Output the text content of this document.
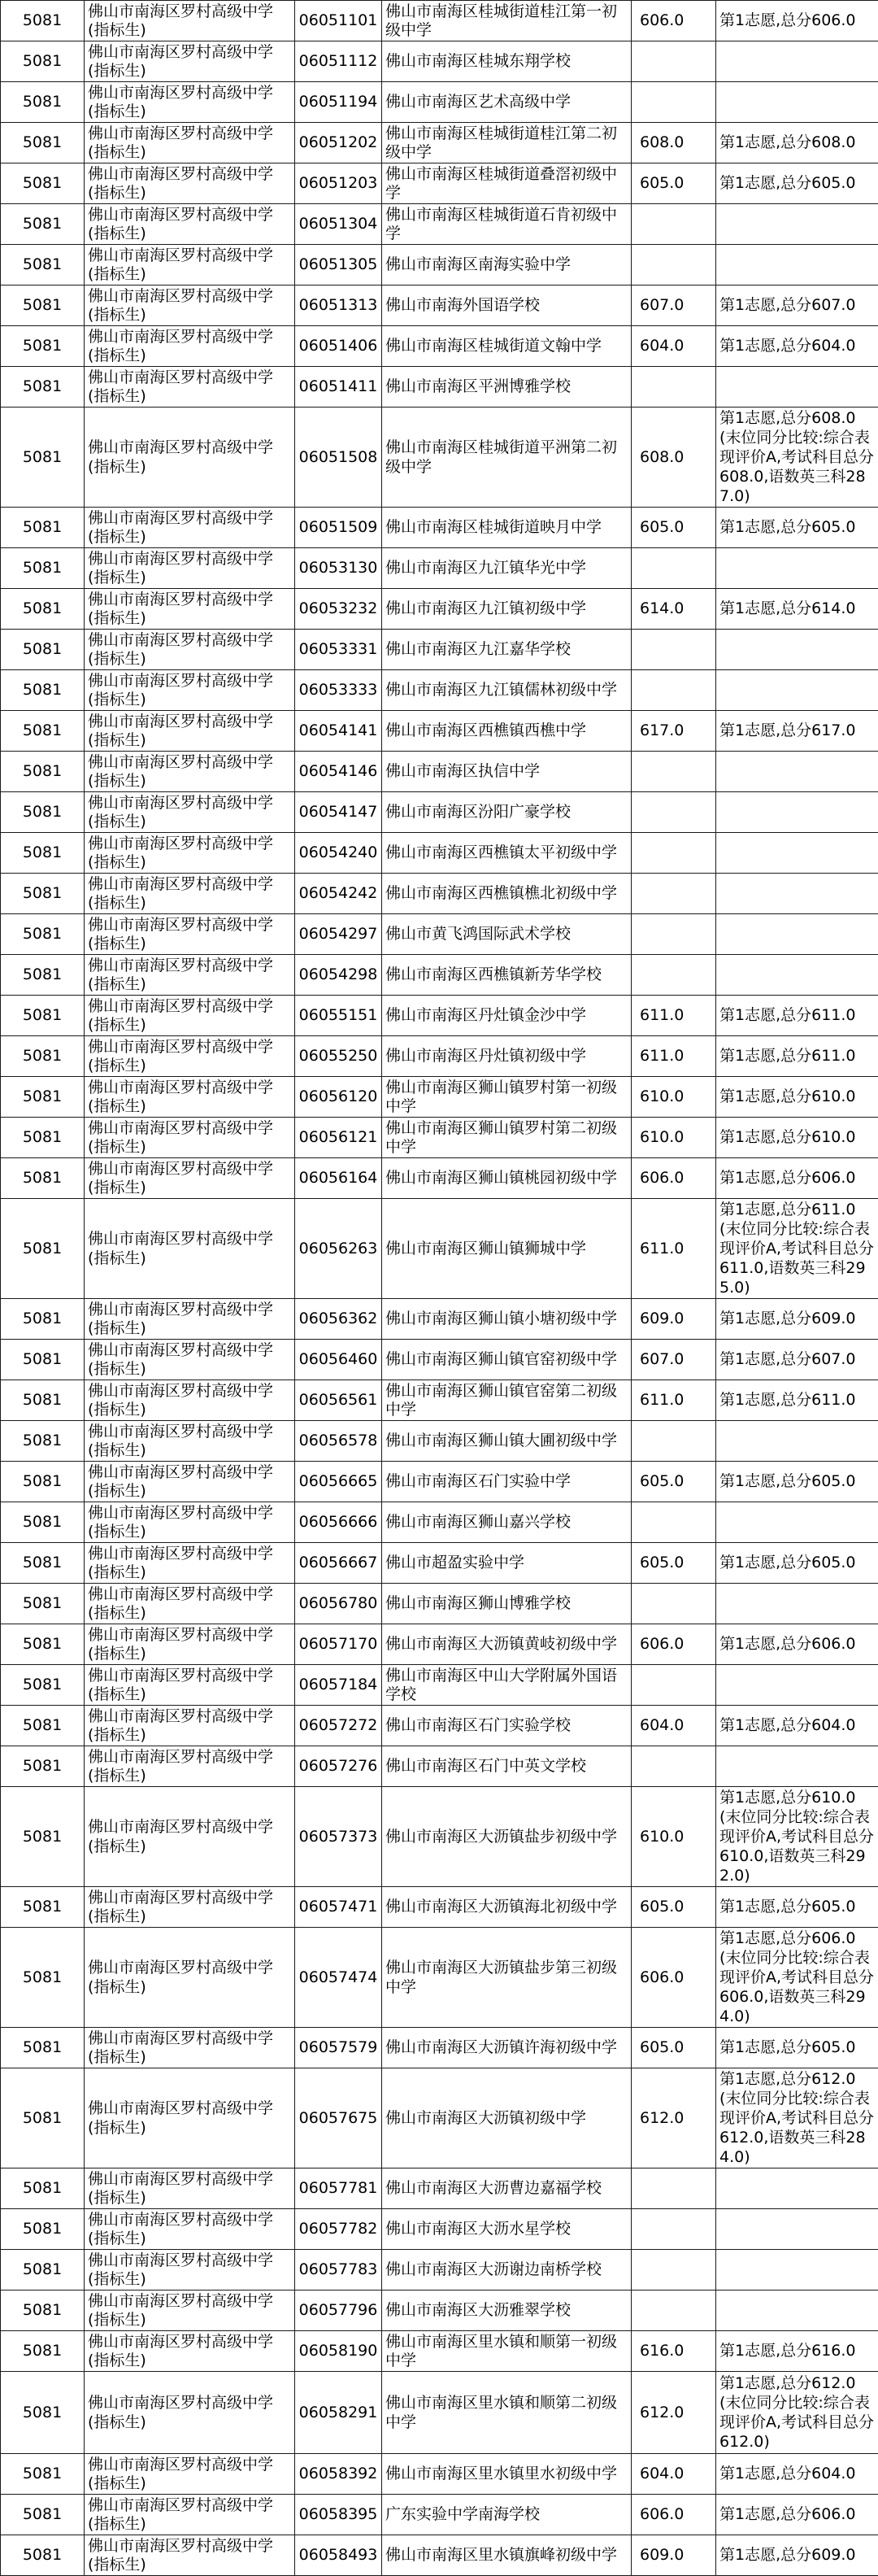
5081	佛山市南海区罗村高级中学(指标生)	06051101	佛山市南海区桂城街道桂江第一初级中学	606.0	第1志愿,总分606.0
5081	佛山市南海区罗村高级中学(指标生)	06051112	佛山市南海区桂城东翔学校		
5081	佛山市南海区罗村高级中学(指标生)	06051194	佛山市南海区艺术高级中学		
5081	佛山市南海区罗村高级中学(指标生)	06051202	佛山市南海区桂城街道桂江第二初级中学	608.0	第1志愿,总分608.0
5081	佛山市南海区罗村高级中学(指标生)	06051203	佛山市南海区桂城街道叠滘初级中学	605.0	第1志愿,总分605.0
5081	佛山市南海区罗村高级中学(指标生)	06051304	佛山市南海区桂城街道石肯初级中学		
5081	佛山市南海区罗村高级中学(指标生)	06051305	佛山市南海区南海实验中学		
5081	佛山市南海区罗村高级中学(指标生)	06051313	佛山市南海外国语学校	607.0	第1志愿,总分607.0
5081	佛山市南海区罗村高级中学(指标生)	06051406	佛山市南海区桂城街道文翰中学	604.0	第1志愿,总分604.0
5081	佛山市南海区罗村高级中学(指标生)	06051411	佛山市南海区平洲博雅学校		
5081	佛山市南海区罗村高级中学(指标生)	06051508	佛山市南海区桂城街道平洲第二初级中学	608.0	第1志愿,总分608.0 (末位同分比较:综合表现评价A,考试科目总分608.0,语数英三科287.0)
5081	佛山市南海区罗村高级中学(指标生)	06051509	佛山市南海区桂城街道映月中学	605.0	第1志愿,总分605.0
5081	佛山市南海区罗村高级中学(指标生)	06053130	佛山市南海区九江镇华光中学		
5081	佛山市南海区罗村高级中学(指标生)	06053232	佛山市南海区九江镇初级中学	614.0	第1志愿,总分614.0
5081	佛山市南海区罗村高级中学(指标生)	06053331	佛山市南海区九江嘉华学校		
5081	佛山市南海区罗村高级中学(指标生)	06053333	佛山市南海区九江镇儒林初级中学		
5081	佛山市南海区罗村高级中学(指标生)	06054141	佛山市南海区西樵镇西樵中学	617.0	第1志愿,总分617.0
5081	佛山市南海区罗村高级中学(指标生)	06054146	佛山市南海区执信中学		
5081	佛山市南海区罗村高级中学(指标生)	06054147	佛山市南海区汾阳广豪学校		
5081	佛山市南海区罗村高级中学(指标生)	06054240	佛山市南海区西樵镇太平初级中学		
5081	佛山市南海区罗村高级中学(指标生)	06054242	佛山市南海区西樵镇樵北初级中学		
5081	佛山市南海区罗村高级中学(指标生)	06054297	佛山市黄飞鸿国际武术学校		
5081	佛山市南海区罗村高级中学(指标生)	06054298	佛山市南海区西樵镇新芳华学校		
5081	佛山市南海区罗村高级中学(指标生)	06055151	佛山市南海区丹灶镇金沙中学	611.0	第1志愿,总分611.0
5081	佛山市南海区罗村高级中学(指标生)	06055250	佛山市南海区丹灶镇初级中学	611.0	第1志愿,总分611.0
5081	佛山市南海区罗村高级中学(指标生)	06056120	佛山市南海区狮山镇罗村第一初级中学	610.0	第1志愿,总分610.0
5081	佛山市南海区罗村高级中学(指标生)	06056121	佛山市南海区狮山镇罗村第二初级中学	610.0	第1志愿,总分610.0
5081	佛山市南海区罗村高级中学(指标生)	06056164	佛山市南海区狮山镇桃园初级中学	606.0	第1志愿,总分606.0
5081	佛山市南海区罗村高级中学(指标生)	06056263	佛山市南海区狮山镇狮城中学	611.0	第1志愿,总分611.0 (末位同分比较:综合表现评价A,考试科目总分611.0,语数英三科295.0)
5081	佛山市南海区罗村高级中学(指标生)	06056362	佛山市南海区狮山镇小塘初级中学	609.0	第1志愿,总分609.0
5081	佛山市南海区罗村高级中学(指标生)	06056460	佛山市南海区狮山镇官窑初级中学	607.0	第1志愿,总分607.0
5081	佛山市南海区罗村高级中学(指标生)	06056561	佛山市南海区狮山镇官窑第二初级中学	611.0	第1志愿,总分611.0
5081	佛山市南海区罗村高级中学(指标生)	06056578	佛山市南海区狮山镇大圃初级中学		
5081	佛山市南海区罗村高级中学(指标生)	06056665	佛山市南海区石门实验中学	605.0	第1志愿,总分605.0
5081	佛山市南海区罗村高级中学(指标生)	06056666	佛山市南海区狮山嘉兴学校		
5081	佛山市南海区罗村高级中学(指标生)	06056667	佛山市超盈实验中学	605.0	第1志愿,总分605.0
5081	佛山市南海区罗村高级中学(指标生)	06056780	佛山市南海区狮山博雅学校		
5081	佛山市南海区罗村高级中学(指标生)	06057170	佛山市南海区大沥镇黄岐初级中学	606.0	第1志愿,总分606.0
5081	佛山市南海区罗村高级中学(指标生)	06057184	佛山市南海区中山大学附属外国语学校		
5081	佛山市南海区罗村高级中学(指标生)	06057272	佛山市南海区石门实验学校	604.0	第1志愿,总分604.0
5081	佛山市南海区罗村高级中学(指标生)	06057276	佛山市南海区石门中英文学校		
5081	佛山市南海区罗村高级中学(指标生)	06057373	佛山市南海区大沥镇盐步初级中学	610.0	第1志愿,总分610.0 (末位同分比较:综合表现评价A,考试科目总分610.0,语数英三科292.0)
5081	佛山市南海区罗村高级中学(指标生)	06057471	佛山市南海区大沥镇海北初级中学	605.0	第1志愿,总分605.0
5081	佛山市南海区罗村高级中学(指标生)	06057474	佛山市南海区大沥镇盐步第三初级中学	606.0	第1志愿,总分606.0 (末位同分比较:综合表现评价A,考试科目总分606.0,语数英三科294.0)
5081	佛山市南海区罗村高级中学(指标生)	06057579	佛山市南海区大沥镇许海初级中学	605.0	第1志愿,总分605.0
5081	佛山市南海区罗村高级中学(指标生)	06057675	佛山市南海区大沥镇初级中学	612.0	第1志愿,总分612.0 (末位同分比较:综合表现评价A,考试科目总分612.0,语数英三科284.0)
5081	佛山市南海区罗村高级中学(指标生)	06057781	佛山市南海区大沥曹边嘉福学校		
5081	佛山市南海区罗村高级中学(指标生)	06057782	佛山市南海区大沥水星学校		
5081	佛山市南海区罗村高级中学(指标生)	06057783	佛山市南海区大沥谢边南桥学校		
5081	佛山市南海区罗村高级中学(指标生)	06057796	佛山市南海区大沥雅翠学校		
5081	佛山市南海区罗村高级中学(指标生)	06058190	佛山市南海区里水镇和顺第一初级中学	616.0	第1志愿,总分616.0
5081	佛山市南海区罗村高级中学(指标生)	06058291	佛山市南海区里水镇和顺第二初级中学	612.0	第1志愿,总分612.0 (末位同分比较:综合表现评价A,考试科目总分612.0)
5081	佛山市南海区罗村高级中学(指标生)	06058392	佛山市南海区里水镇里水初级中学	604.0	第1志愿,总分604.0
5081	佛山市南海区罗村高级中学(指标生)	06058395	广东实验中学南海学校	606.0	第1志愿,总分606.0
5081	佛山市南海区罗村高级中学(指标生)	06058493	佛山市南海区里水镇旗峰初级中学	609.0	第1志愿,总分609.0
